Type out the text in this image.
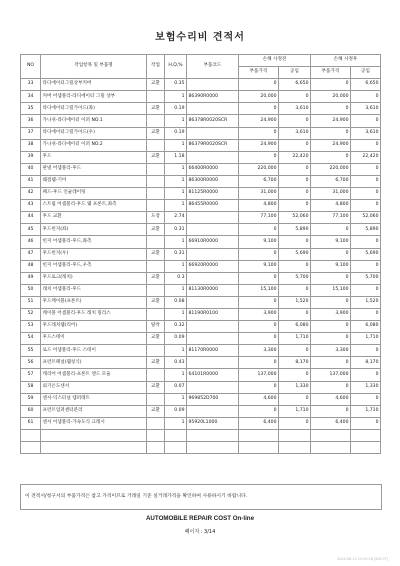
보험수리비 견적서
NO	작업항목 및 부품명	작업	H,Q,%	부품코드	손해 사정전		손해 사정후	
					부품가격	공임	부품가격	공임
33	라디에이터그릴상부커버	교환	0.35		0	6,650	0	6,650
34	커버 어셈블리-라디에이터 그릴 상부		1	86390R0000	20,000	0	20,000	0
35	라디에이터그릴가이드(좌)	교환	0.19		0	3,610	0	3,610
36	가니쉬-라디에이터 이퍼 NO.1		1	86378R0020SCR	24,900	0	24,900	0
37	라디에이터그릴가이드(우)	교환	0.19		0	3,610	0	3,610
38	가니쉬-라디에이터 이퍼 NO.2		1	86379R0020SCR	24,900	0	24,900	0
39	후드	교환	1.18		0	22,420	0	22,420
40	판넬 어셈블리-후드		1	66400R0000	220,000	0	220,000	0
41	웨점웹-기어		1	86300R0000	6,700	0	6,700	0
42	패드-후드 인슐레이팅		1	81125R0000	31,000	0	31,000	0
43	스트립 어셈블리-후드 웨 프론트,좌측		1	86455R0000	4,800	0	4,800	0
44	후드 교환	도장	2.74		77,100	52,060	77,100	52,060
45	후드힌지(좌)	교환	0.31		0	5,890	0	5,890
46	힌지 어셈블리-후드,좌측		1	66910R0000	9,100	0	9,100	0
47	후드힌지(우)	교환	0.31		0	5,690	0	5,690
48	힌지 어셈블리-후드,우측		1	66920R0000	9,100	0	9,100	0
49	후드로크(래치)	교환	0.3		0	5,700	0	5,700
50	래치 어셈블리-후드		1	81130R0000	15,100	0	15,100	0
51	후드케이블(프론트)	교환	0.08		0	1,520	0	1,520
52	케이블 어셈블리-후드 래치 릴리스		1	81190R0100	3,900	0	3,900	0
53	후드래치웹(리어)	탈착	0.32		0	6,080	0	6,080
54	후드스테이	교환	0.09		0	1,710	0	1,710
55	로드 어셈블리-후드 스테이		1	81170R0000	3,300	0	3,300	0
56	프런트패널(웰칭식)	교환	0.43		0	8,170	0	8,170
57	캐리어 어셈블리-프론트 엔드 모듈		1	64101R0000	137,000	0	137,000	0
58	외기온도센서	교환	0.07		0	1,330	0	1,330
59	센서-익스터널 템퍼래트		1	969852D700	4,600	0	4,600	0
60	프런트업퍼센터분리	교환	0.09		0	1,710	0	1,710
61	센서 어셈블리-가속도식 크래시		1	95920L1000	6,400	0	6,400	0

이 견적서/청구서의 부품가격은 참고 가격이므로 거래일 기준 실거래가격을 확인하여 사용하시기 바랍니다.
AUTOMOBILE REPAIR COST On-line
페이지 : 3/14
2024-06-15 15:40:18 [KOLOT]
